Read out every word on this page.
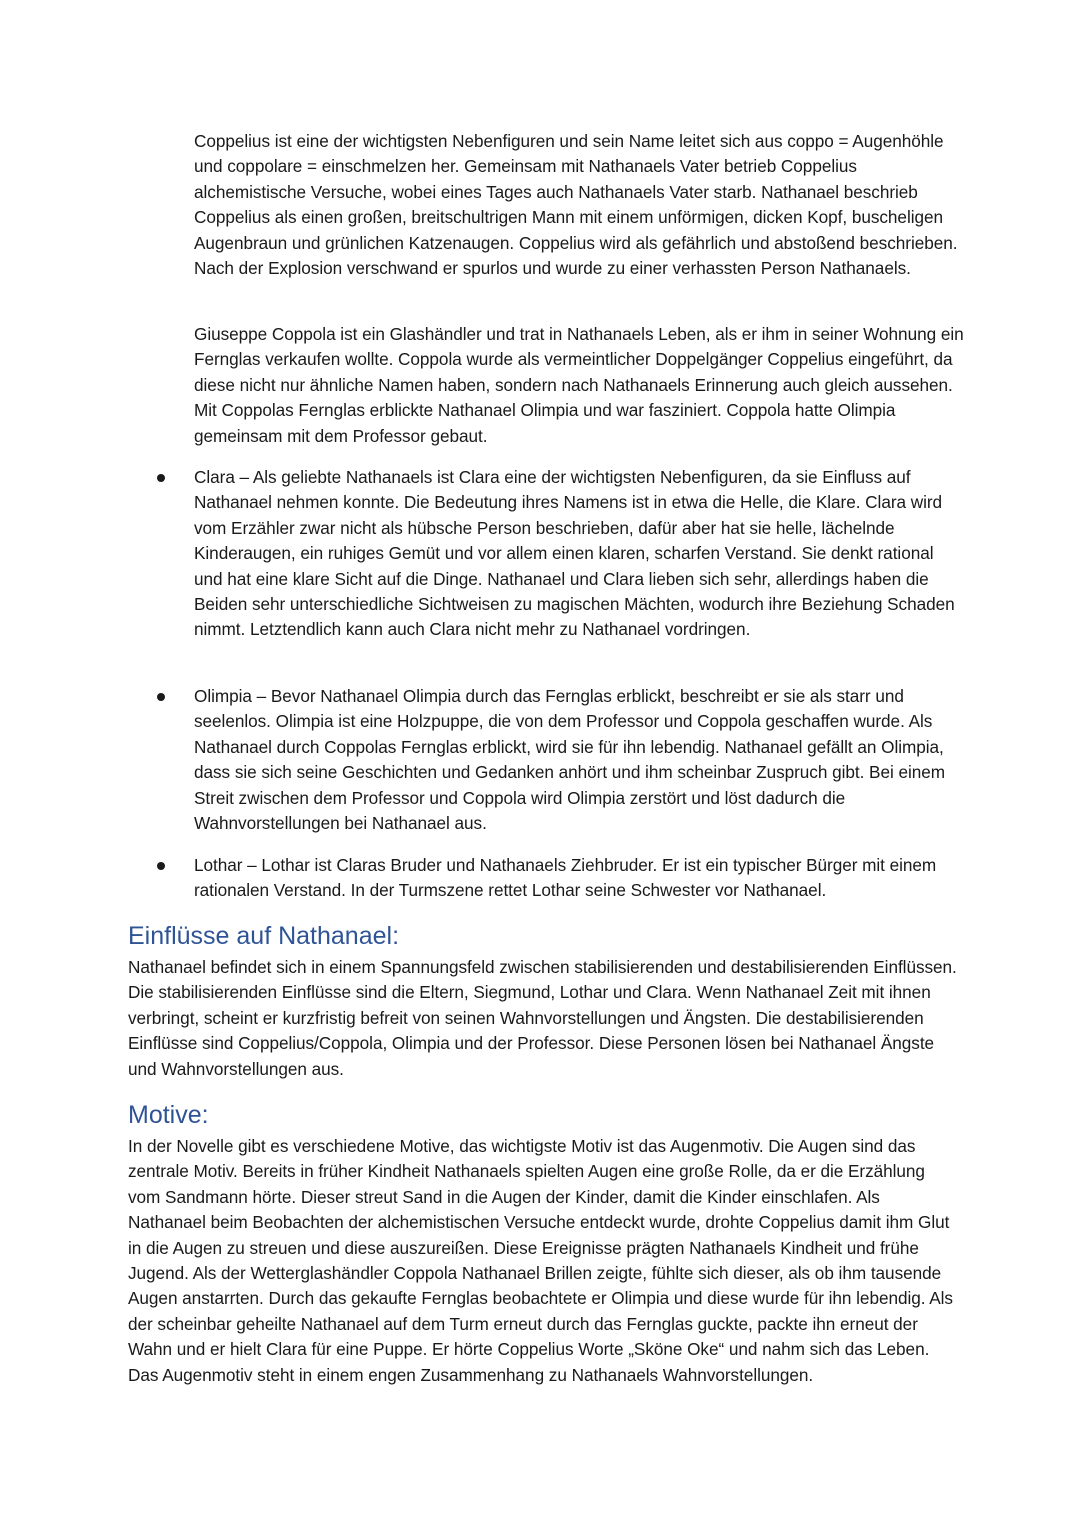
Coppelius ist eine der wichtigsten Nebenfiguren und sein Name leitet sich aus coppo = Augenhöhle und coppolare = einschmelzen her. Gemeinsam mit Nathanaels Vater betrieb Coppelius alchemistische Versuche, wobei eines Tages auch Nathanaels Vater starb. Nathanael beschrieb Coppelius als einen großen, breitschultrigen Mann mit einem unförmigen, dicken Kopf, buscheligen Augenbraun und grünlichen Katzenaugen. Coppelius wird als gefährlich und abstoßend beschrieben. Nach der Explosion verschwand er spurlos und wurde zu einer verhassten Person Nathanaels.

Giuseppe Coppola ist ein Glashändler und trat in Nathanaels Leben, als er ihm in seiner Wohnung ein Fernglas verkaufen wollte. Coppola wurde als vermeintlicher Doppelgänger Coppelius eingeführt, da diese nicht nur ähnliche Namen haben, sondern nach Nathanaels Erinnerung auch gleich aussehen. Mit Coppolas Fernglas erblickte Nathanael Olimpia und war fasziniert. Coppola hatte Olimpia gemeinsam mit dem Professor gebaut.

Clara – Als geliebte Nathanaels ist Clara eine der wichtigsten Nebenfiguren, da sie Einfluss auf Nathanael nehmen konnte. Die Bedeutung ihres Namens ist in etwa die Helle, die Klare. Clara wird vom Erzähler zwar nicht als hübsche Person beschrieben, dafür aber hat sie helle, lächelnde Kinderaugen, ein ruhiges Gemüt und vor allem einen klaren, scharfen Verstand. Sie denkt rational und hat eine klare Sicht auf die Dinge. Nathanael und Clara lieben sich sehr, allerdings haben die Beiden sehr unterschiedliche Sichtweisen zu magischen Mächten, wodurch ihre Beziehung Schaden nimmt. Letztendlich kann auch Clara nicht mehr zu Nathanael vordringen.

Olimpia – Bevor Nathanael Olimpia durch das Fernglas erblickt, beschreibt er sie als starr und seelenlos. Olimpia ist eine Holzpuppe, die von dem Professor und Coppola geschaffen wurde. Als Nathanael durch Coppolas Fernglas erblickt, wird sie für ihn lebendig. Nathanael gefällt an Olimpia, dass sie sich seine Geschichten und Gedanken anhört und ihm scheinbar Zuspruch gibt. Bei einem Streit zwischen dem Professor und Coppola wird Olimpia zerstört und löst dadurch die Wahnvorstellungen bei Nathanael aus.

Lothar – Lothar ist Claras Bruder und Nathanaels Ziehbruder. Er ist ein typischer Bürger mit einem rationalen Verstand. In der Turmszene rettet Lothar seine Schwester vor Nathanael.

Einflüsse auf Nathanael:

Nathanael befindet sich in einem Spannungsfeld zwischen stabilisierenden und destabilisierenden Einflüssen. Die stabilisierenden Einflüsse sind die Eltern, Siegmund, Lothar und Clara. Wenn Nathanael Zeit mit ihnen verbringt, scheint er kurzfristig befreit von seinen Wahnvorstellungen und Ängsten. Die destabilisierenden Einflüsse sind Coppelius/Coppola, Olimpia und der Professor. Diese Personen lösen bei Nathanael Ängste und Wahnvorstellungen aus.

Motive:

In der Novelle gibt es verschiedene Motive, das wichtigste Motiv ist das Augenmotiv. Die Augen sind das zentrale Motiv. Bereits in früher Kindheit Nathanaels spielten Augen eine große Rolle, da er die Erzählung vom Sandmann hörte. Dieser streut Sand in die Augen der Kinder, damit die Kinder einschlafen. Als Nathanael beim Beobachten der alchemistischen Versuche entdeckt wurde, drohte Coppelius damit ihm Glut in die Augen zu streuen und diese auszureißen. Diese Ereignisse prägten Nathanaels Kindheit und frühe Jugend. Als der Wetterglashändler Coppola Nathanael Brillen zeigte, fühlte sich dieser, als ob ihm tausende Augen anstarrten. Durch das gekaufte Fernglas beobachtete er Olimpia und diese wurde für ihn lebendig. Als der scheinbar geheilte Nathanael auf dem Turm erneut durch das Fernglas guckte, packte ihn erneut der Wahn und er hielt Clara für eine Puppe. Er hörte Coppelius Worte „Sköne Oke“ und nahm sich das Leben. Das Augenmotiv steht in einem engen Zusammenhang zu Nathanaels Wahnvorstellungen.
